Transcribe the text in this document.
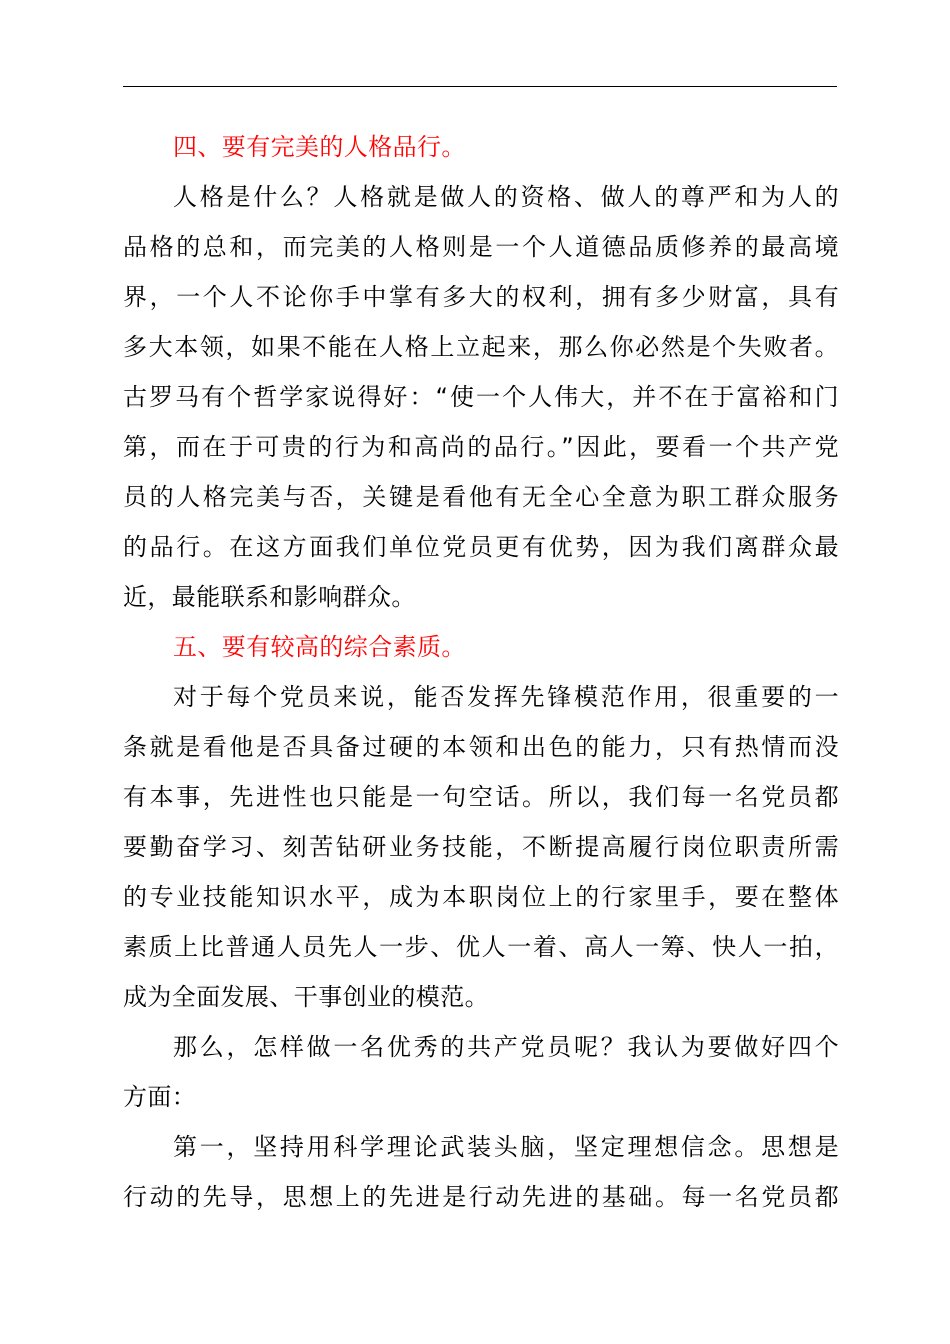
四、要有完美的人格品行。
人格是什么？人格就是做人的资格、做人的尊严和为人的
品格的总和，而完美的人格则是一个人道德品质修养的最高境
界，一个人不论你手中掌有多大的权利，拥有多少财富，具有
多大本领，如果不能在人格上立起来，那么你必然是个失败者。
古罗马有个哲学家说得好：“使一个人伟大，并不在于富裕和门
第，而在于可贵的行为和高尚的品行。”因此，要看一个共产党
员的人格完美与否，关键是看他有无全心全意为职工群众服务
的品行。在这方面我们单位党员更有优势，因为我们离群众最
近，最能联系和影响群众。
五、要有较高的综合素质。
对于每个党员来说，能否发挥先锋模范作用，很重要的一
条就是看他是否具备过硬的本领和出色的能力，只有热情而没
有本事，先进性也只能是一句空话。所以，我们每一名党员都
要勤奋学习、刻苦钻研业务技能，不断提高履行岗位职责所需
的专业技能知识水平，成为本职岗位上的行家里手，要在整体
素质上比普通人员先人一步、优人一着、高人一筹、快人一拍，
成为全面发展、干事创业的模范。
那么，怎样做一名优秀的共产党员呢？我认为要做好四个
方面：
第一，坚持用科学理论武装头脑，坚定理想信念。思想是
行动的先导，思想上的先进是行动先进的基础。每一名党员都
